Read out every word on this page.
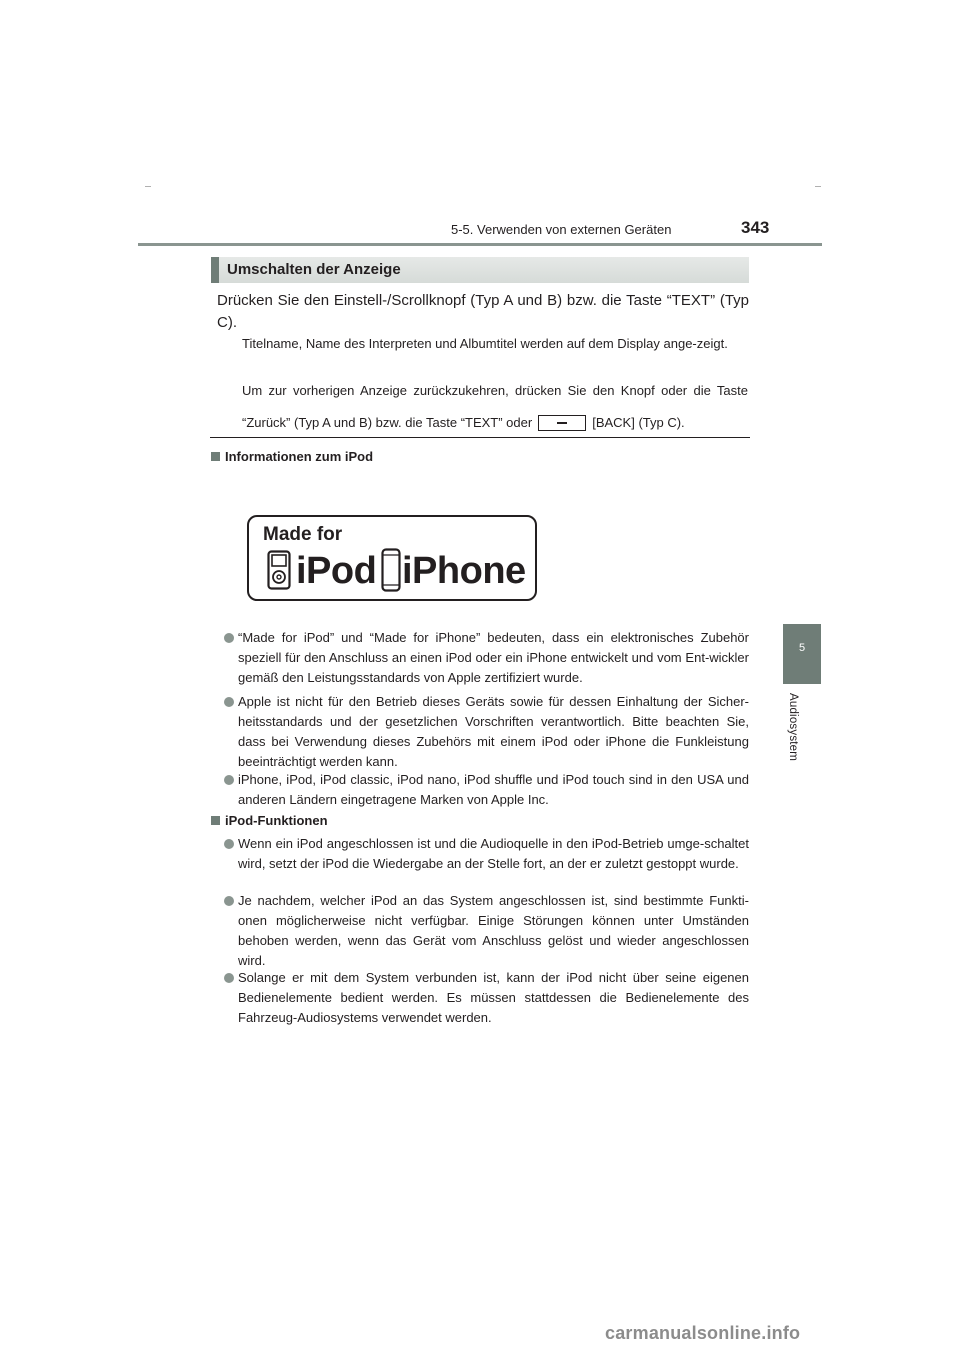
5-5. Verwenden von externen Geräten	343
5
Audiosystem
Umschalten der Anzeige
Drücken Sie den Einstell-/Scrollknopf (Typ A und B) bzw. die Taste “TEXT” (Typ C).
Titelname, Name des Interpreten und Albumtitel werden auf dem Display ange-zeigt.
Um zur vorherigen Anzeige zurückzukehren, drücken Sie den Knopf oder die Taste “Zurück” (Typ A und B) bzw. die Taste “TEXT” oder	[BACK] (Typ C).
Informationen zum iPod
Made for
iPod iPhone
“Made for iPod” und “Made for iPhone” bedeuten, dass ein elektronisches Zubehör speziell für den Anschluss an einen iPod oder ein iPhone entwickelt und vom Ent-wickler gemäß den Leistungsstandards von Apple zertifiziert wurde.
Apple ist nicht für den Betrieb dieses Geräts sowie für dessen Einhaltung der Sicher-heitsstandards und der gesetzlichen Vorschriften verantwortlich. Bitte beachten Sie, dass bei Verwendung dieses Zubehörs mit einem iPod oder iPhone die Funkleistung beeinträchtigt werden kann.
iPhone, iPod, iPod classic, iPod nano, iPod shuffle und iPod touch sind in den USA und anderen Ländern eingetragene Marken von Apple Inc.
iPod-Funktionen
Wenn ein iPod angeschlossen ist und die Audioquelle in den iPod-Betrieb umge-schaltet wird, setzt der iPod die Wiedergabe an der Stelle fort, an der er zuletzt gestoppt wurde.
Je nachdem, welcher iPod an das System angeschlossen ist, sind bestimmte Funkti-onen möglicherweise nicht verfügbar. Einige Störungen können unter Umständen behoben werden, wenn das Gerät vom Anschluss gelöst und wieder angeschlossen wird.
Solange er mit dem System verbunden ist, kann der iPod nicht über seine eigenen Bedienelemente bedient werden. Es müssen stattdessen die Bedienelemente des Fahrzeug-Audiosystems verwendet werden.
carmanualsonline.info
